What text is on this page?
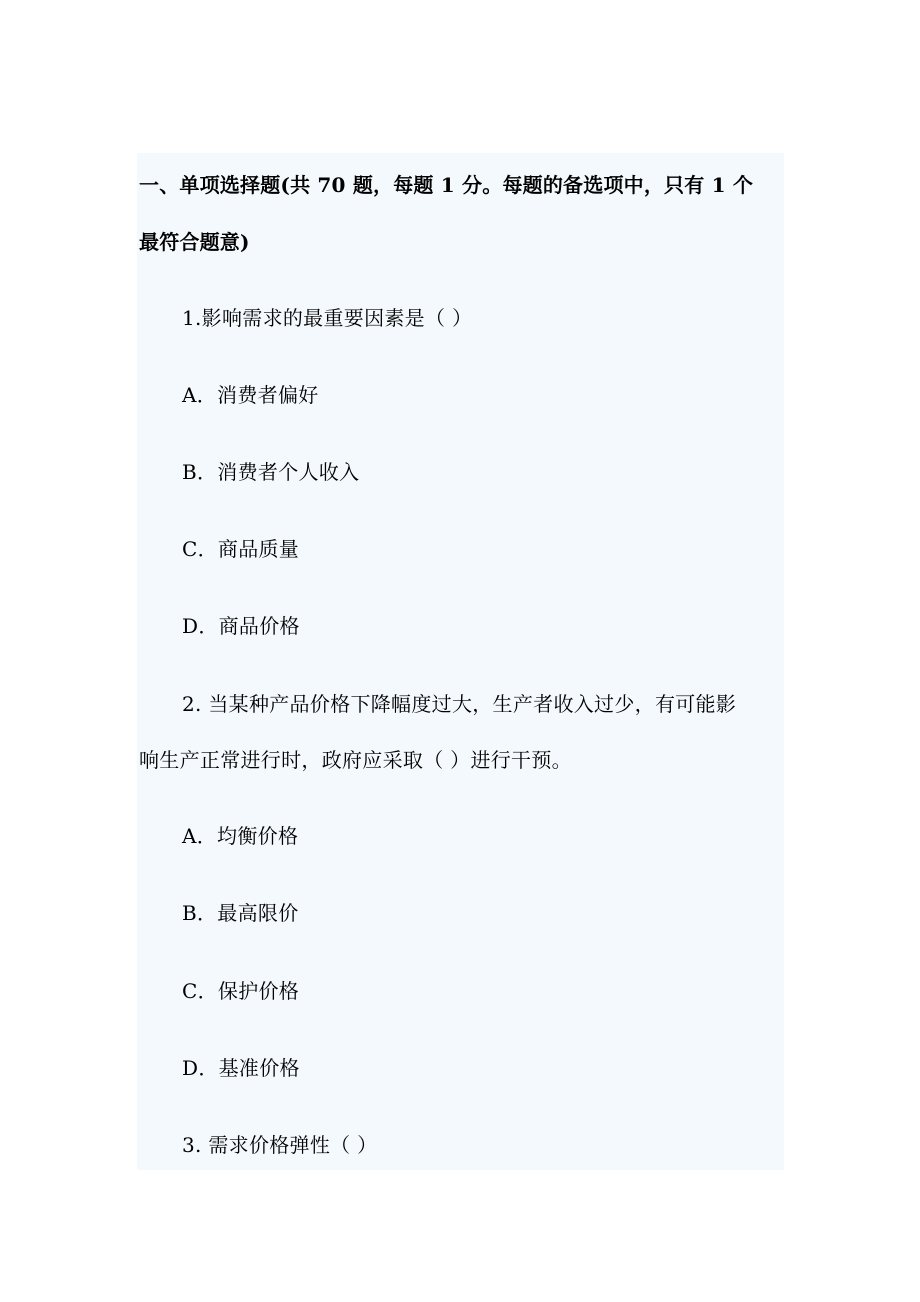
一、单项选择题(共 70 题，每题 1 分。每题的备选项中，只有 1 个
最符合题意)
1.影响需求的最重要因素是（ ）
A．消费者偏好
B．消费者个人收入
C．商品质量
D．商品价格
2. 当某种产品价格下降幅度过大，生产者收入过少，有可能影
响生产正常进行时，政府应采取（ ）进行干预。
A．均衡价格
B．最高限价
C．保护价格
D．基准价格
3. 需求价格弹性（ ）
